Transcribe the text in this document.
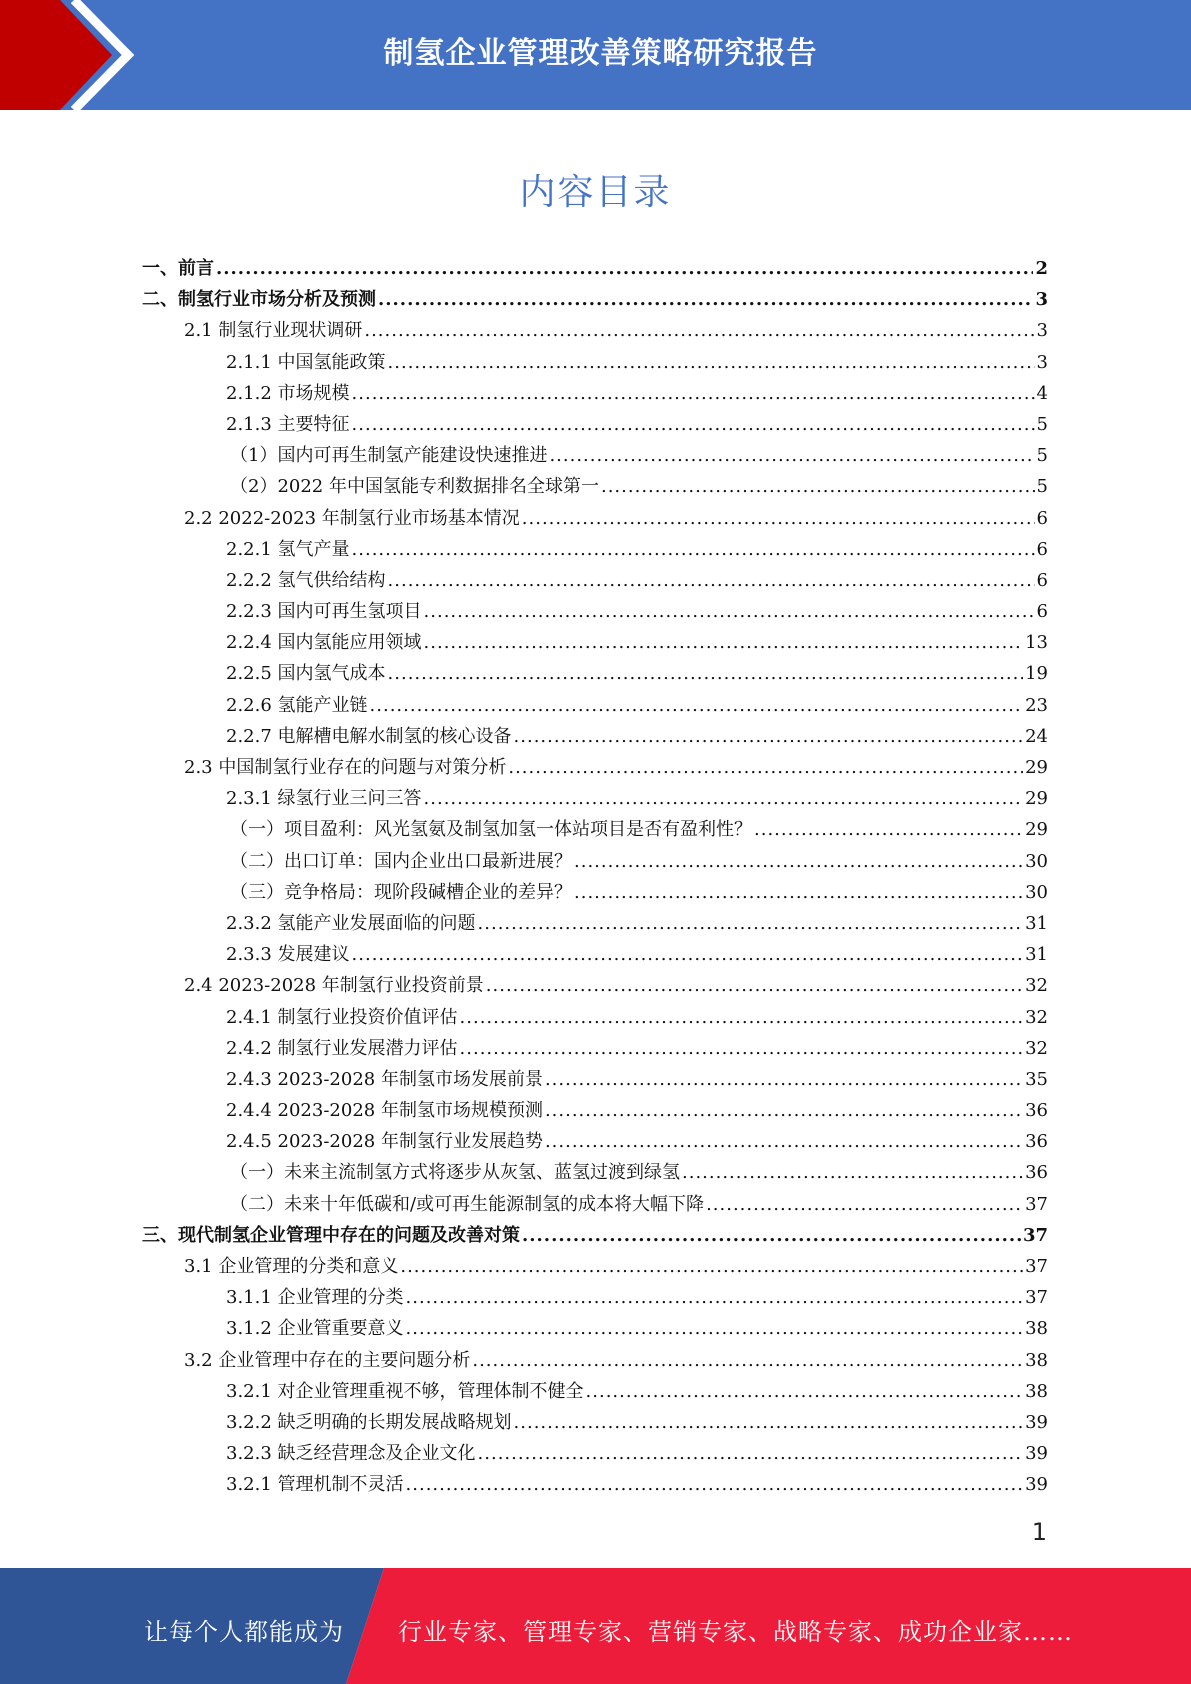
制氢企业管理改善策略研究报告
内容目录
一、前言 .....	2
二、制氢行业市场分析及预测 .....	3
2.1 制氢行业现状调研 .....	3
2.1.1 中国氢能政策 .....	3
2.1.2 市场规模 .....	4
2.1.3 主要特征 .....	5
（1）国内可再生制氢产能建设快速推进 .....	5
（2）2022 年中国氢能专利数据排名全球第一 .....	5
2.2 2022-2023 年制氢行业市场基本情况 .....	6
2.2.1 氢气产量 .....	6
2.2.2 氢气供给结构 .....	6
2.2.3 国内可再生氢项目 .....	6
2.2.4 国内氢能应用领域 .....	13
2.2.5 国内氢气成本 .....	19
2.2.6 氢能产业链 .....	23
2.2.7 电解槽电解水制氢的核心设备 .....	24
2.3 中国制氢行业存在的问题与对策分析 .....	29
2.3.1 绿氢行业三问三答 .....	29
（一）项目盈利：风光氢氨及制氢加氢一体站项目是否有盈利性？ .....	29
（二）出口订单：国内企业出口最新进展？ .....	30
（三）竞争格局：现阶段碱槽企业的差异？ .....	30
2.3.2 氢能产业发展面临的问题 .....	31
2.3.3 发展建议 .....	31
2.4 2023-2028 年制氢行业投资前景 .....	32
2.4.1 制氢行业投资价值评估 .....	32
2.4.2 制氢行业发展潜力评估 .....	32
2.4.3 2023-2028 年制氢市场发展前景 .....	35
2.4.4 2023-2028 年制氢市场规模预测 .....	36
2.4.5 2023-2028 年制氢行业发展趋势 .....	36
（一）未来主流制氢方式将逐步从灰氢、蓝氢过渡到绿氢 .....	36
（二）未来十年低碳和/或可再生能源制氢的成本将大幅下降 .....	37
三、现代制氢企业管理中存在的问题及改善对策 .....	37
3.1 企业管理的分类和意义 .....	37
3.1.1 企业管理的分类 .....	37
3.1.2 企业管重要意义 .....	38
3.2 企业管理中存在的主要问题分析 .....	38
3.2.1 对企业管理重视不够，管理体制不健全 .....	38
3.2.2 缺乏明确的长期发展战略规划 .....	39
3.2.3 缺乏经营理念及企业文化 .....	39
3.2.1 管理机制不灵活 .....	39
1
让每个人都能成为 行业专家、管理专家、营销专家、战略专家、成功企业家……
